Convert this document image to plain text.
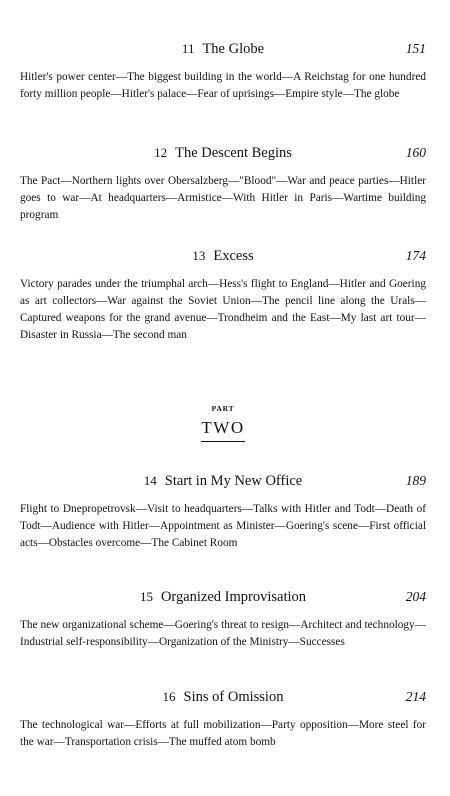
11 The Globe	151

Hitler's power center—The biggest building in the world—A Reichstag for one hundred forty million people—Hitler's palace—Fear of uprisings—Empire style—The globe

12 The Descent Begins	160

The Pact—Northern lights over Obersalzberg—"Blood"—War and peace parties—Hitler goes to war—At headquarters—Armistice—With Hitler in Paris—Wartime building program

13 Excess	174

Victory parades under the triumphal arch—Hess's flight to England—Hitler and Goering as art collectors—War against the Soviet Union—The pencil line along the Urals—Captured weapons for the grand avenue—Trondheim and the East—My last art tour—Disaster in Russia—The second man

PART
TWO
14 Start in My New Office	189

Flight to Dnepropetrovsk—Visit to headquarters—Talks with Hitler and Todt—Death of Todt—Audience with Hitler—Appointment as Minister—Goering's scene—First official acts—Obstacles overcome—The Cabinet Room

15 Organized Improvisation	204

The new organizational scheme—Goering's threat to resign—Architect and technology—Industrial self-responsibility—Organization of the Ministry—Successes

16 Sins of Omission	214

The technological war—Efforts at full mobilization—Party opposition—More steel for the war—Transportation crisis—The muffed atom bomb
